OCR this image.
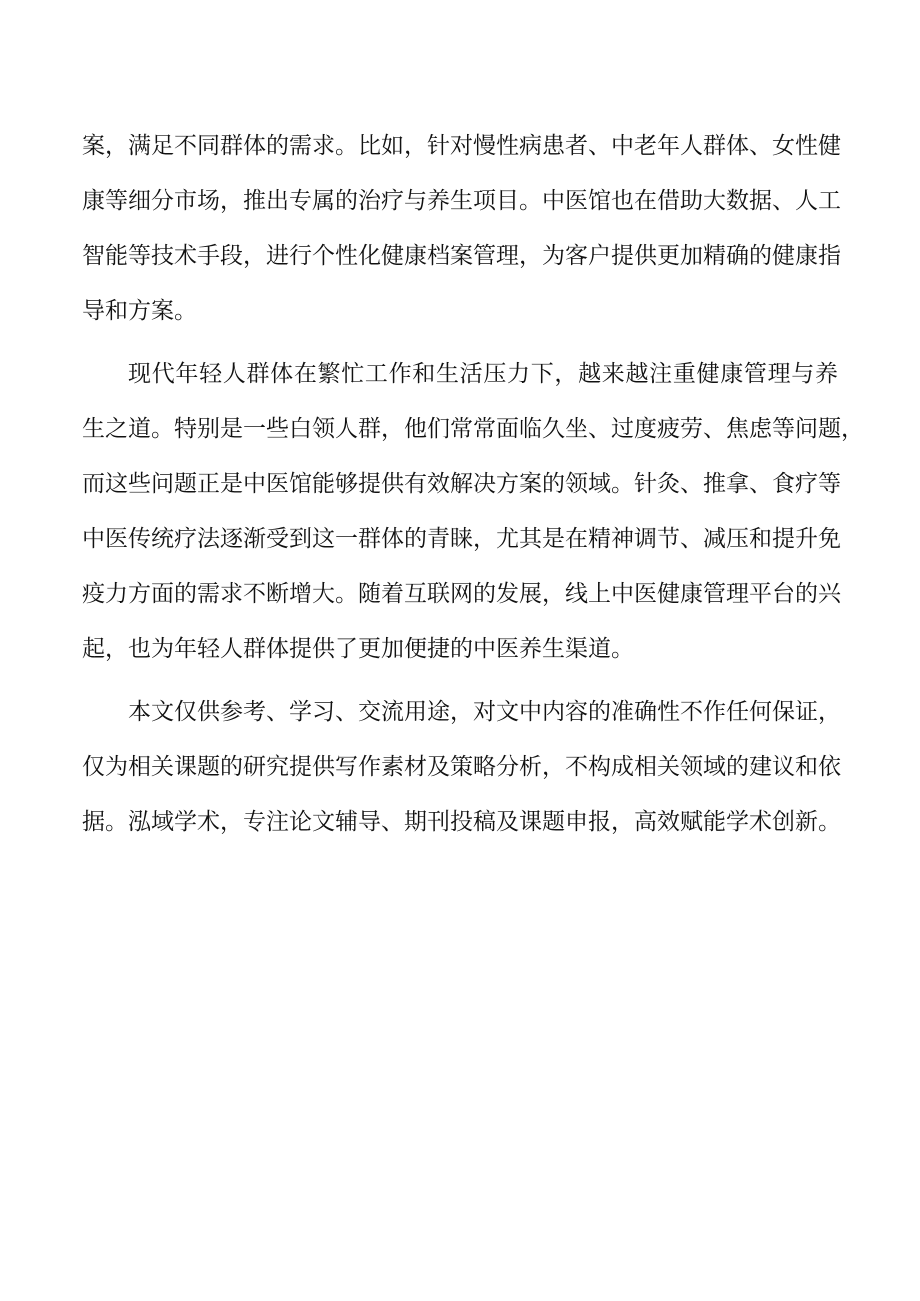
案，满足不同群体的需求。比如，针对慢性病患者、中老年人群体、女性健
康等细分市场，推出专属的治疗与养生项目。中医馆也在借助大数据、人工
智能等技术手段，进行个性化健康档案管理，为客户提供更加精确的健康指
导和方案。
现代年轻人群体在繁忙工作和生活压力下，越来越注重健康管理与养
生之道。特别是一些白领人群，他们常常面临久坐、过度疲劳、焦虑等问题，
而这些问题正是中医馆能够提供有效解决方案的领域。针灸、推拿、食疗等
中医传统疗法逐渐受到这一群体的青睐，尤其是在精神调节、减压和提升免
疫力方面的需求不断增大。随着互联网的发展，线上中医健康管理平台的兴
起，也为年轻人群体提供了更加便捷的中医养生渠道。
本文仅供参考、学习、交流用途，对文中内容的准确性不作任何保证，
仅为相关课题的研究提供写作素材及策略分析，不构成相关领域的建议和依
据。泓域学术，专注论文辅导、期刊投稿及课题申报，高效赋能学术创新。
